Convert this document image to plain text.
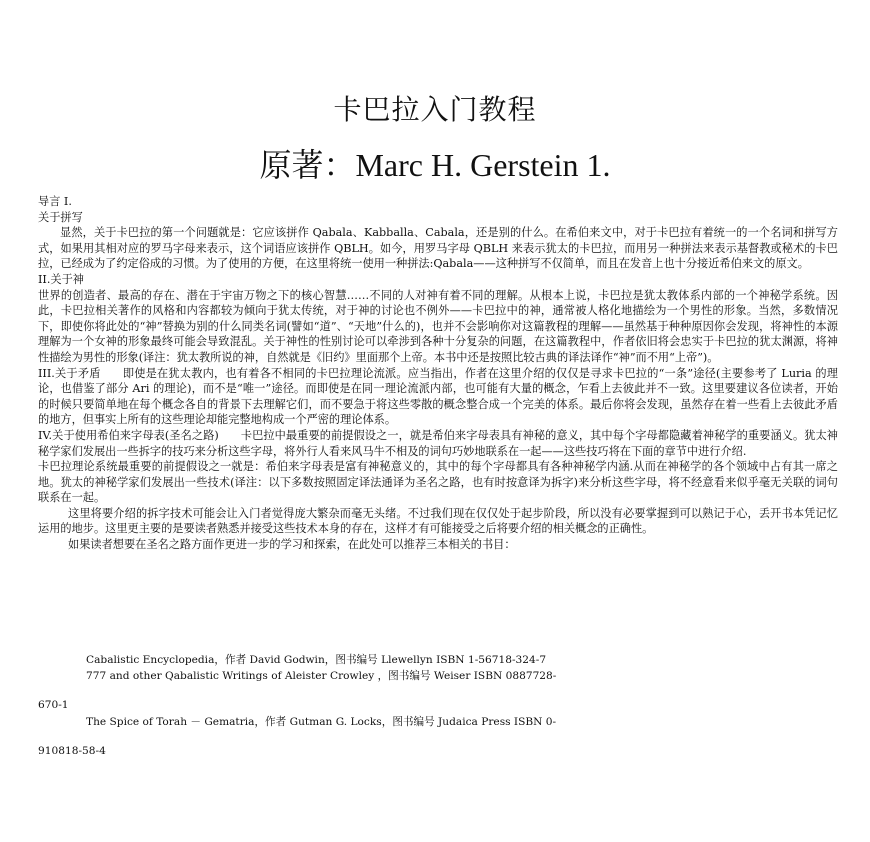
卡巴拉入门教程
原著：Marc H. Gerstein 1.

导言 I.

关于拼写

显然，关于卡巴拉的第一个问题就是：它应该拼作 Qabala、Kabballa、Cabala，还是别的什么。在希伯来文中，对于卡巴拉有着统一的一个名词和拼写方式，如果用其相对应的罗马字母来表示，这个词语应该拼作 QBLH。如今，用罗马字母 QBLH 来表示犹太的卡巴拉，而用另一种拼法来表示基督教或秘术的卡巴拉，已经成为了约定俗成的习惯。为了使用的方便，在这里将统一使用一种拼法:Qabala——这种拼写不仅简单，而且在发音上也十分接近希伯来文的原文。

II.关于神

世界的创造者、最高的存在、潜在于宇宙万物之下的核心智慧……不同的人对神有着不同的理解。从根本上说，卡巴拉是犹太教体系内部的一个神秘学系统。因此，卡巴拉相关著作的风格和内容都较为倾向于犹太传统，对于神的讨论也不例外——卡巴拉中的神，通常被人格化地描绘为一个男性的形象。当然，多数情况下，即使你将此处的“神”替换为别的什么同类名词(譬如“道”、“天地”什么的)，也并不会影响你对这篇教程的理解——虽然基于种种原因你会发现，将神性的本源理解为一个女神的形象最终可能会导致混乱。关于神性的性别讨论可以牵涉到各种十分复杂的问题，在这篇教程中，作者依旧将会忠实于卡巴拉的犹太渊源，将神性描绘为男性的形象(译注：犹太教所说的神，自然就是《旧约》里面那个上帝。本书中还是按照比较古典的译法译作“神”而不用“上帝”)。

III.关于矛盾 即使是在犹太教内，也有着各不相同的卡巴拉理论流派。应当指出，作者在这里介绍的仅仅是寻求卡巴拉的“一条”途径(主要参考了 Luria 的理论，也借鉴了部分 Ari 的理论)，而不是“唯一”途径。而即使是在同一理论流派内部，也可能有大量的概念，乍看上去彼此并不一致。这里要建议各位读者，开始的时候只要简单地在每个概念各自的背景下去理解它们，而不要急于将这些零散的概念整合成一个完美的体系。最后你将会发现，虽然存在着一些看上去彼此矛盾的地方，但事实上所有的这些理论却能完整地构成一个严密的理论体系。

IV.关于使用希伯来字母表(圣名之路) 卡巴拉中最重要的前提假设之一，就是希伯来字母表具有神秘的意义，其中每个字母都隐藏着神秘学的重要涵义。犹太神秘学家们发展出一些拆字的技巧来分析这些字母，将外行人看来风马牛不相及的词句巧妙地联系在一起——这些技巧将在下面的章节中进行介绍.

卡巴拉理论系统最重要的前提假设之一就是：希伯来字母表是富有神秘意义的，其中的每个字母都具有各种神秘学内涵.从而在神秘学的各个领域中占有其一席之地。犹太的神秘学家们发展出一些技术(译注：以下多数按照固定译法通译为圣名之路，也有时按意译为拆字)来分析这些字母，将不经意看来似乎毫无关联的词句联系在一起。

这里将要介绍的拆字技术可能会让入门者觉得庞大繁杂而毫无头绪。不过我们现在仅仅处于起步阶段，所以没有必要掌握到可以熟记于心，丢开书本凭记忆运用的地步。这里更主要的是要读者熟悉并接受这些技术本身的存在，这样才有可能接受之后将要介绍的相关概念的正确性。

如果读者想要在圣名之路方面作更进一步的学习和探索，在此处可以推荐三本相关的书目：

Cabalistic Encyclopedia，作者 David Godwin，图书编号 Llewellyn ISBN 1-56718-324-7
777 and other Qabalistic Writings of Aleister Crowley ，图书编号 Weiser ISBN 0887728-
670-1
The Spice of Torah － Gematria，作者 Gutman G. Locks，图书编号 Judaica Press ISBN 0-
910818-58-4
